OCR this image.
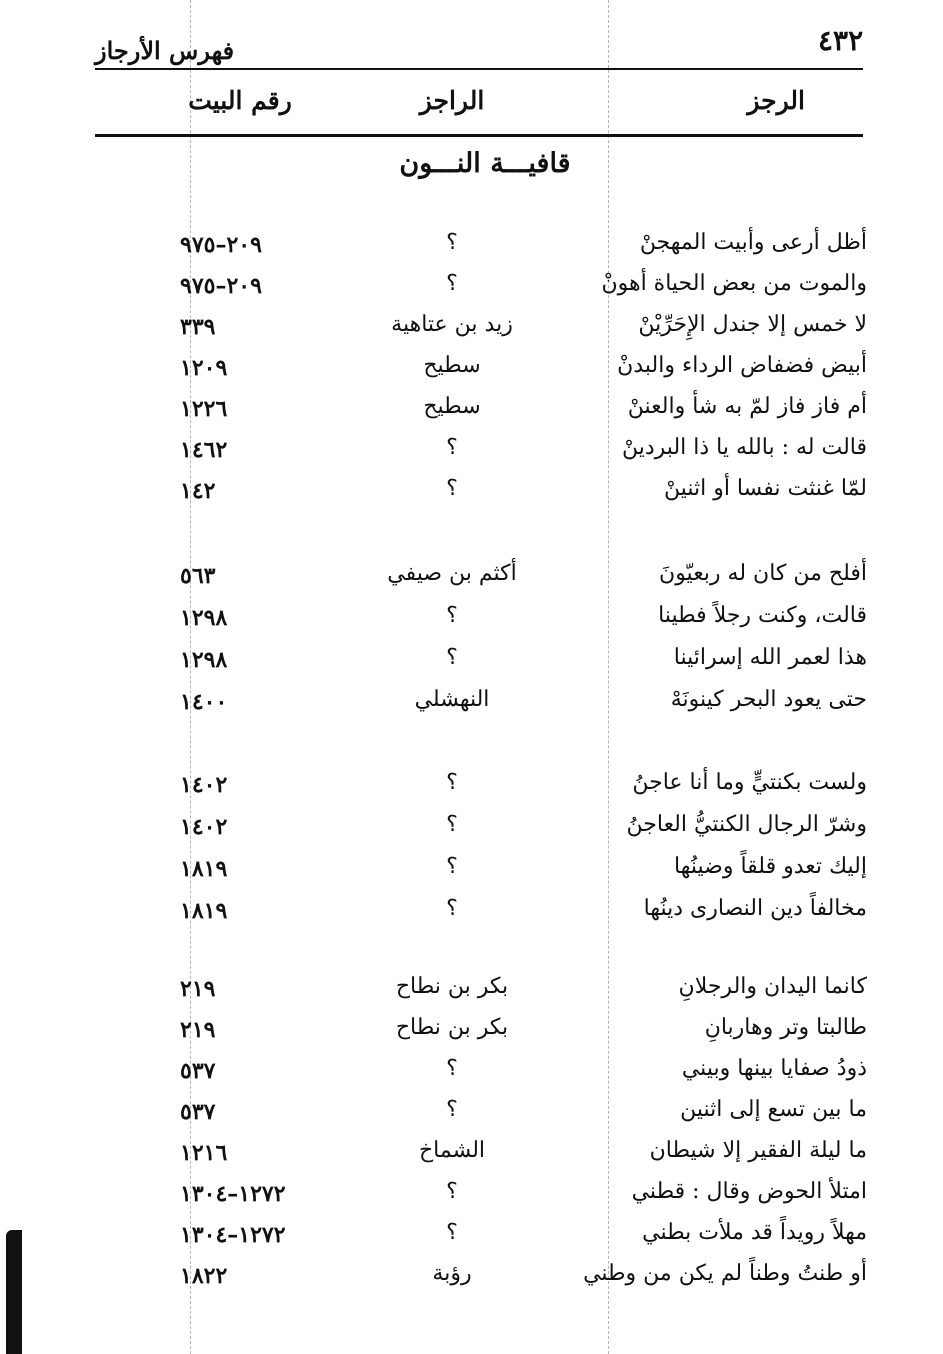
٤٣٢
فهرس الأرجاز
الرجز
الراجز
رقم البيت
قافيـــة النـــون
أظل أرعى وأبيت المهجنْ
؟
٢٠٩–٩٧٥
والموت من بعض الحياة أهونْ
؟
٢٠٩–٩٧٥
لا خمس إلا جندل الإِحَرِّيْنْ
زيد بن عتاهية
٣٣٩
أبيض فضفاض الرداء والبدنْ
سطيح
١٢٠٩
أم فاز فاز لمّ به شأ والعننْ
سطيح
١٢٢٦
قالت له : بالله يا ذا البردينْ
؟
١٤٦٢
لمّا غنثت نفسا أو اثنينْ
؟
١٤٢
أفلح من كان له ربعيّونَ
أكثم بن صيفي
٥٦٣
قالت، وكنت رجلاً فطينا
؟
١٢٩٨
هذا لعمر الله إسرائينا
؟
١٢٩٨
حتى يعود البحر كينونَهْ
النهشلي
١٤٠٠
ولست بكنتيٍّ وما أنا عاجنُ
؟
١٤٠٢
وشرّ الرجال الكنتيُّ العاجنُ
؟
١٤٠٢
إليك تعدو قلقاً وضينُها
؟
١٨١٩
مخالفاً دين النصارى دينُها
؟
١٨١٩
كانما اليدان والرجلانِ
بكر بن نطاح
٢١٩
طالبتا وتر وهاربانِ
بكر بن نطاح
٢١٩
ذودُ صفايا بينها وبيني
؟
٥٣٧
ما بين تسع إلى اثنين
؟
٥٣٧
ما ليلة الفقير إلا شيطان
الشماخ
١٢١٦
امتلأ الحوض وقال : قطني
؟
١٢٧٢–١٣٠٤
مهلاً رويداً قد ملأت بطني
؟
١٢٧٢–١٣٠٤
أو طنتُ وطناً لم يكن من وطني
رؤبة
١٨٢٢
